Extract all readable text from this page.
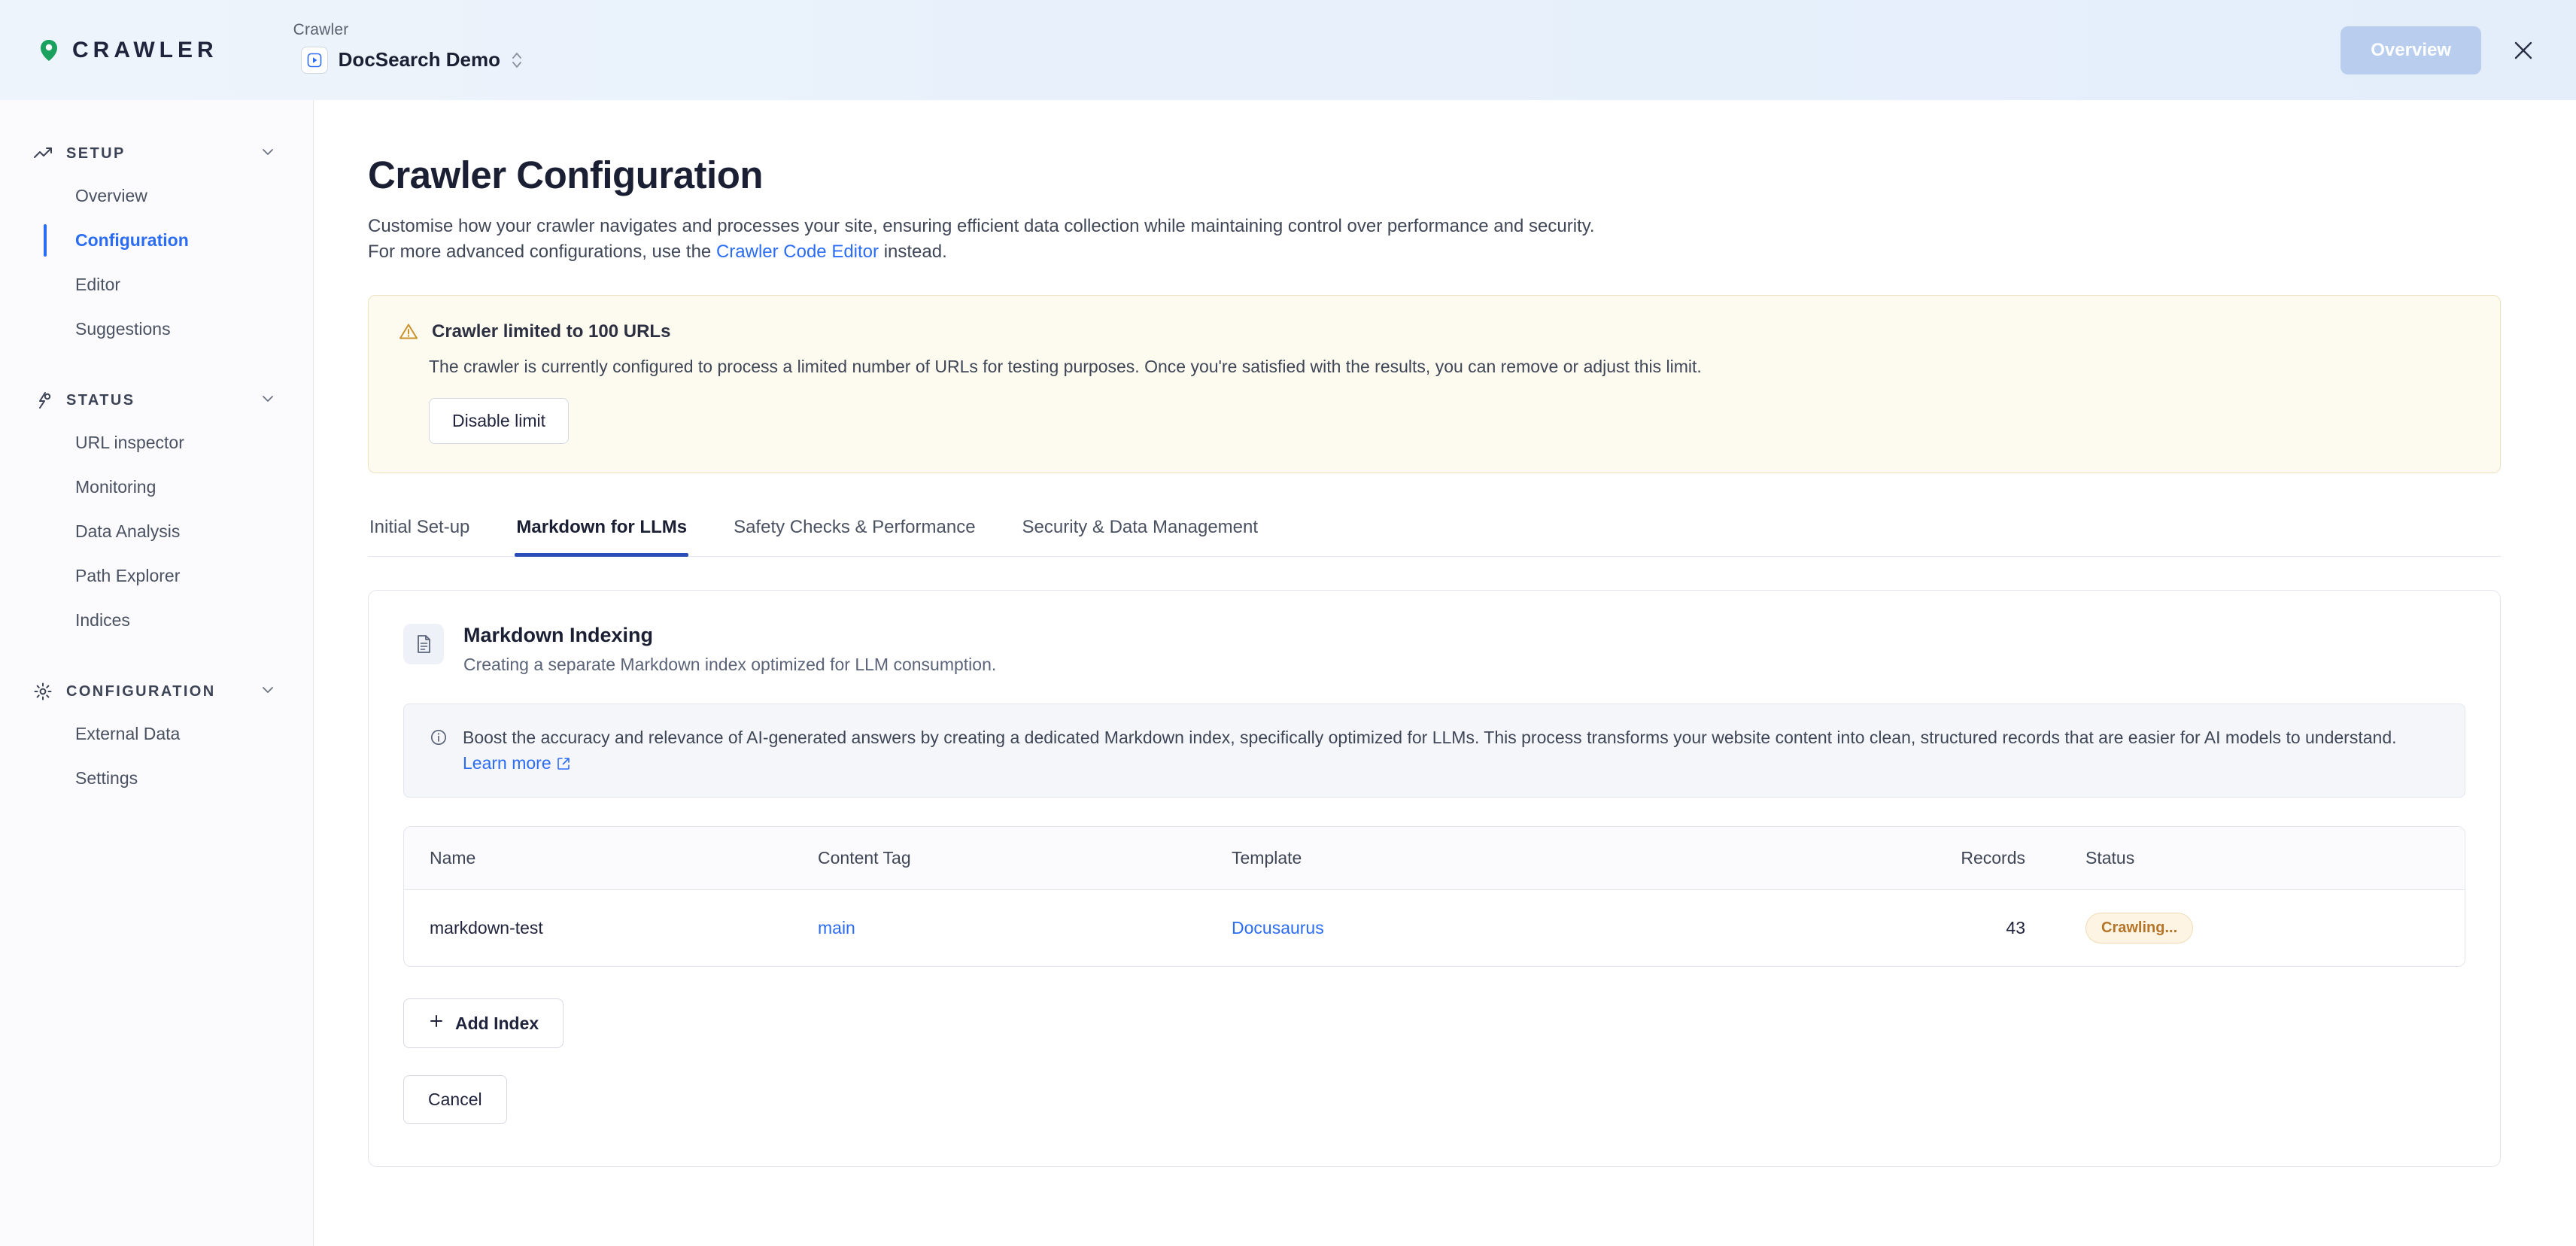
CRAWLER
Crawler
DocSearch Demo	Overview
SETUP
Overview
Configuration
Editor
Suggestions
STATUS
URL inspector
Monitoring
Data Analysis
Path Explorer
Indices
CONFIGURATION
External Data
Settings
Crawler Configuration
Customise how your crawler navigates and processes your site, ensuring efficient data collection while maintaining control over performance and security.
For more advanced configurations, use the Crawler Code Editor instead.
Crawler limited to 100 URLs
The crawler is currently configured to process a limited number of URLs for testing purposes. Once you're satisfied with the results, you can remove or adjust this limit.
Disable limit
Initial Set-up	Markdown for LLMs	Safety Checks & Performance	Security & Data Management
Markdown Indexing
Creating a separate Markdown index optimized for LLM consumption.
Boost the accuracy and relevance of AI-generated answers by creating a dedicated Markdown index, specifically optimized for LLMs. This process transforms your website content into clean, structured records that are easier for AI models to understand. Learn more
Name	Content Tag	Template	Records	Status
markdown-test	main	Docusaurus	43	Crawling...
Add Index
Cancel
